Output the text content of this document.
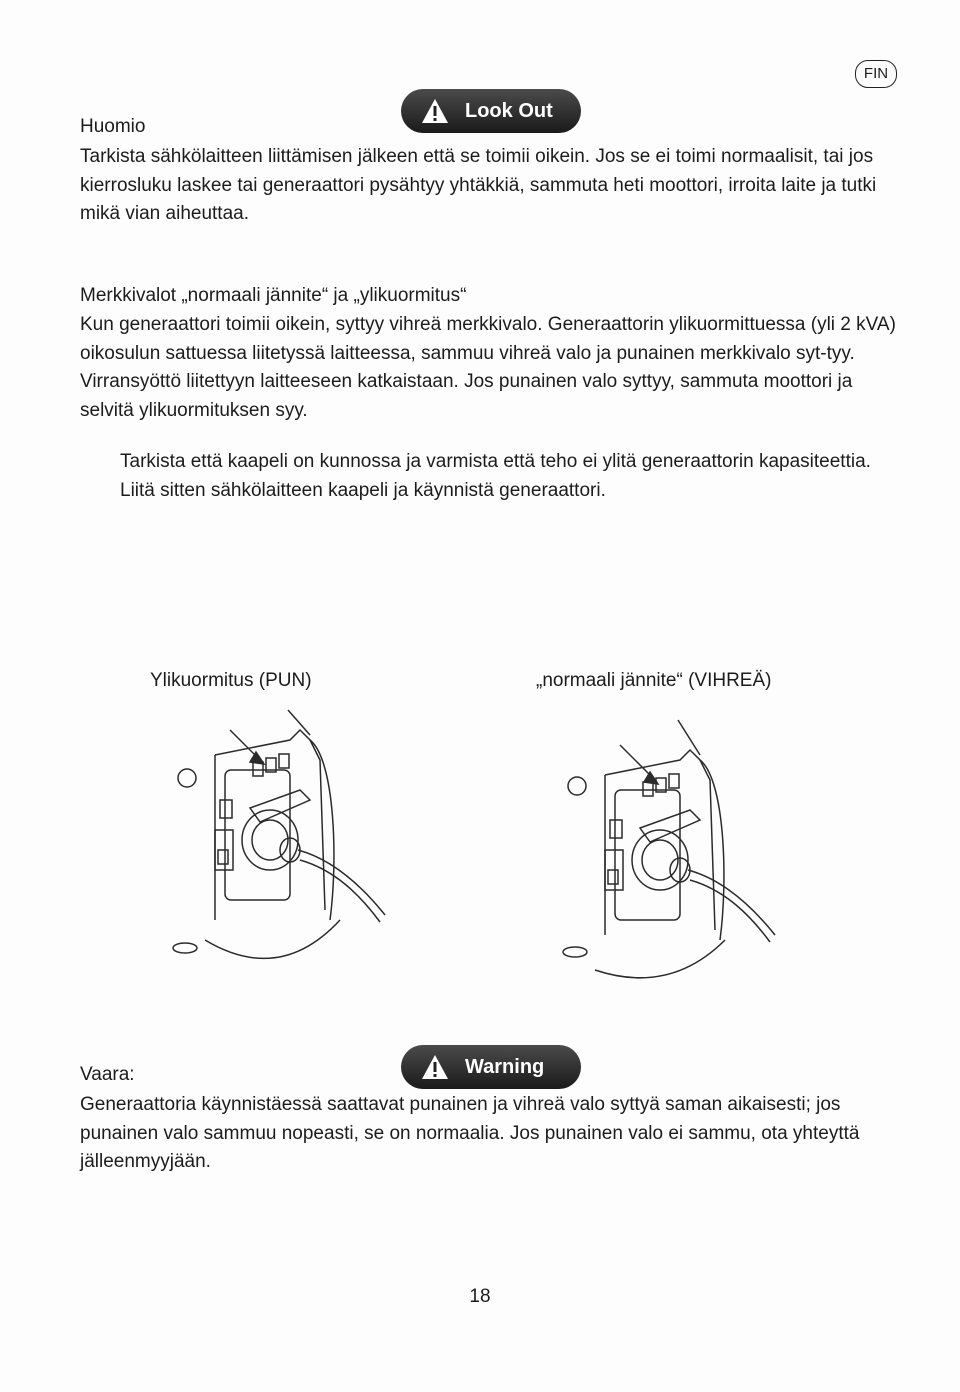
FIN
Look Out
Huomio

Tarkista sähkölaitteen liittämisen jälkeen että se toimii oikein. Jos se ei toimi normaalisit, tai jos kierrosluku laskee tai generaattori pysähtyy yhtäkkiä, sammuta heti moottori, irroita laite ja tutki mikä vian aiheuttaa.

Merkkivalot „normaali jännite“ ja „ylikuormitus“

Kun generaattori toimii oikein, syttyy vihreä merkkivalo. Generaattorin ylikuormittuessa (yli 2 kVA) oikosulun sattuessa liitetyssä laitteessa, sammuu vihreä valo ja punainen merkkivalo syt-tyy. Virransyöttö liitettyyn laitteeseen katkaistaan. Jos punainen valo syttyy, sammuta moottori ja selvitä ylikuormituksen syy.

Tarkista että kaapeli on kunnossa ja varmista että teho ei ylitä generaattorin kapasiteettia. Liitä sitten sähkölaitteen kaapeli ja käynnistä generaattori.

Ylikuormitus (PUN)	„normaali jännite“ (VIHREÄ)
Warning
Vaara:

Generaattoria käynnistäessä saattavat punainen ja vihreä valo syttyä saman aikaisesti; jos punainen valo sammuu nopeasti, se on normaalia. Jos punainen valo ei sammu, ota yhteyttä jälleenmyyjään.

18
